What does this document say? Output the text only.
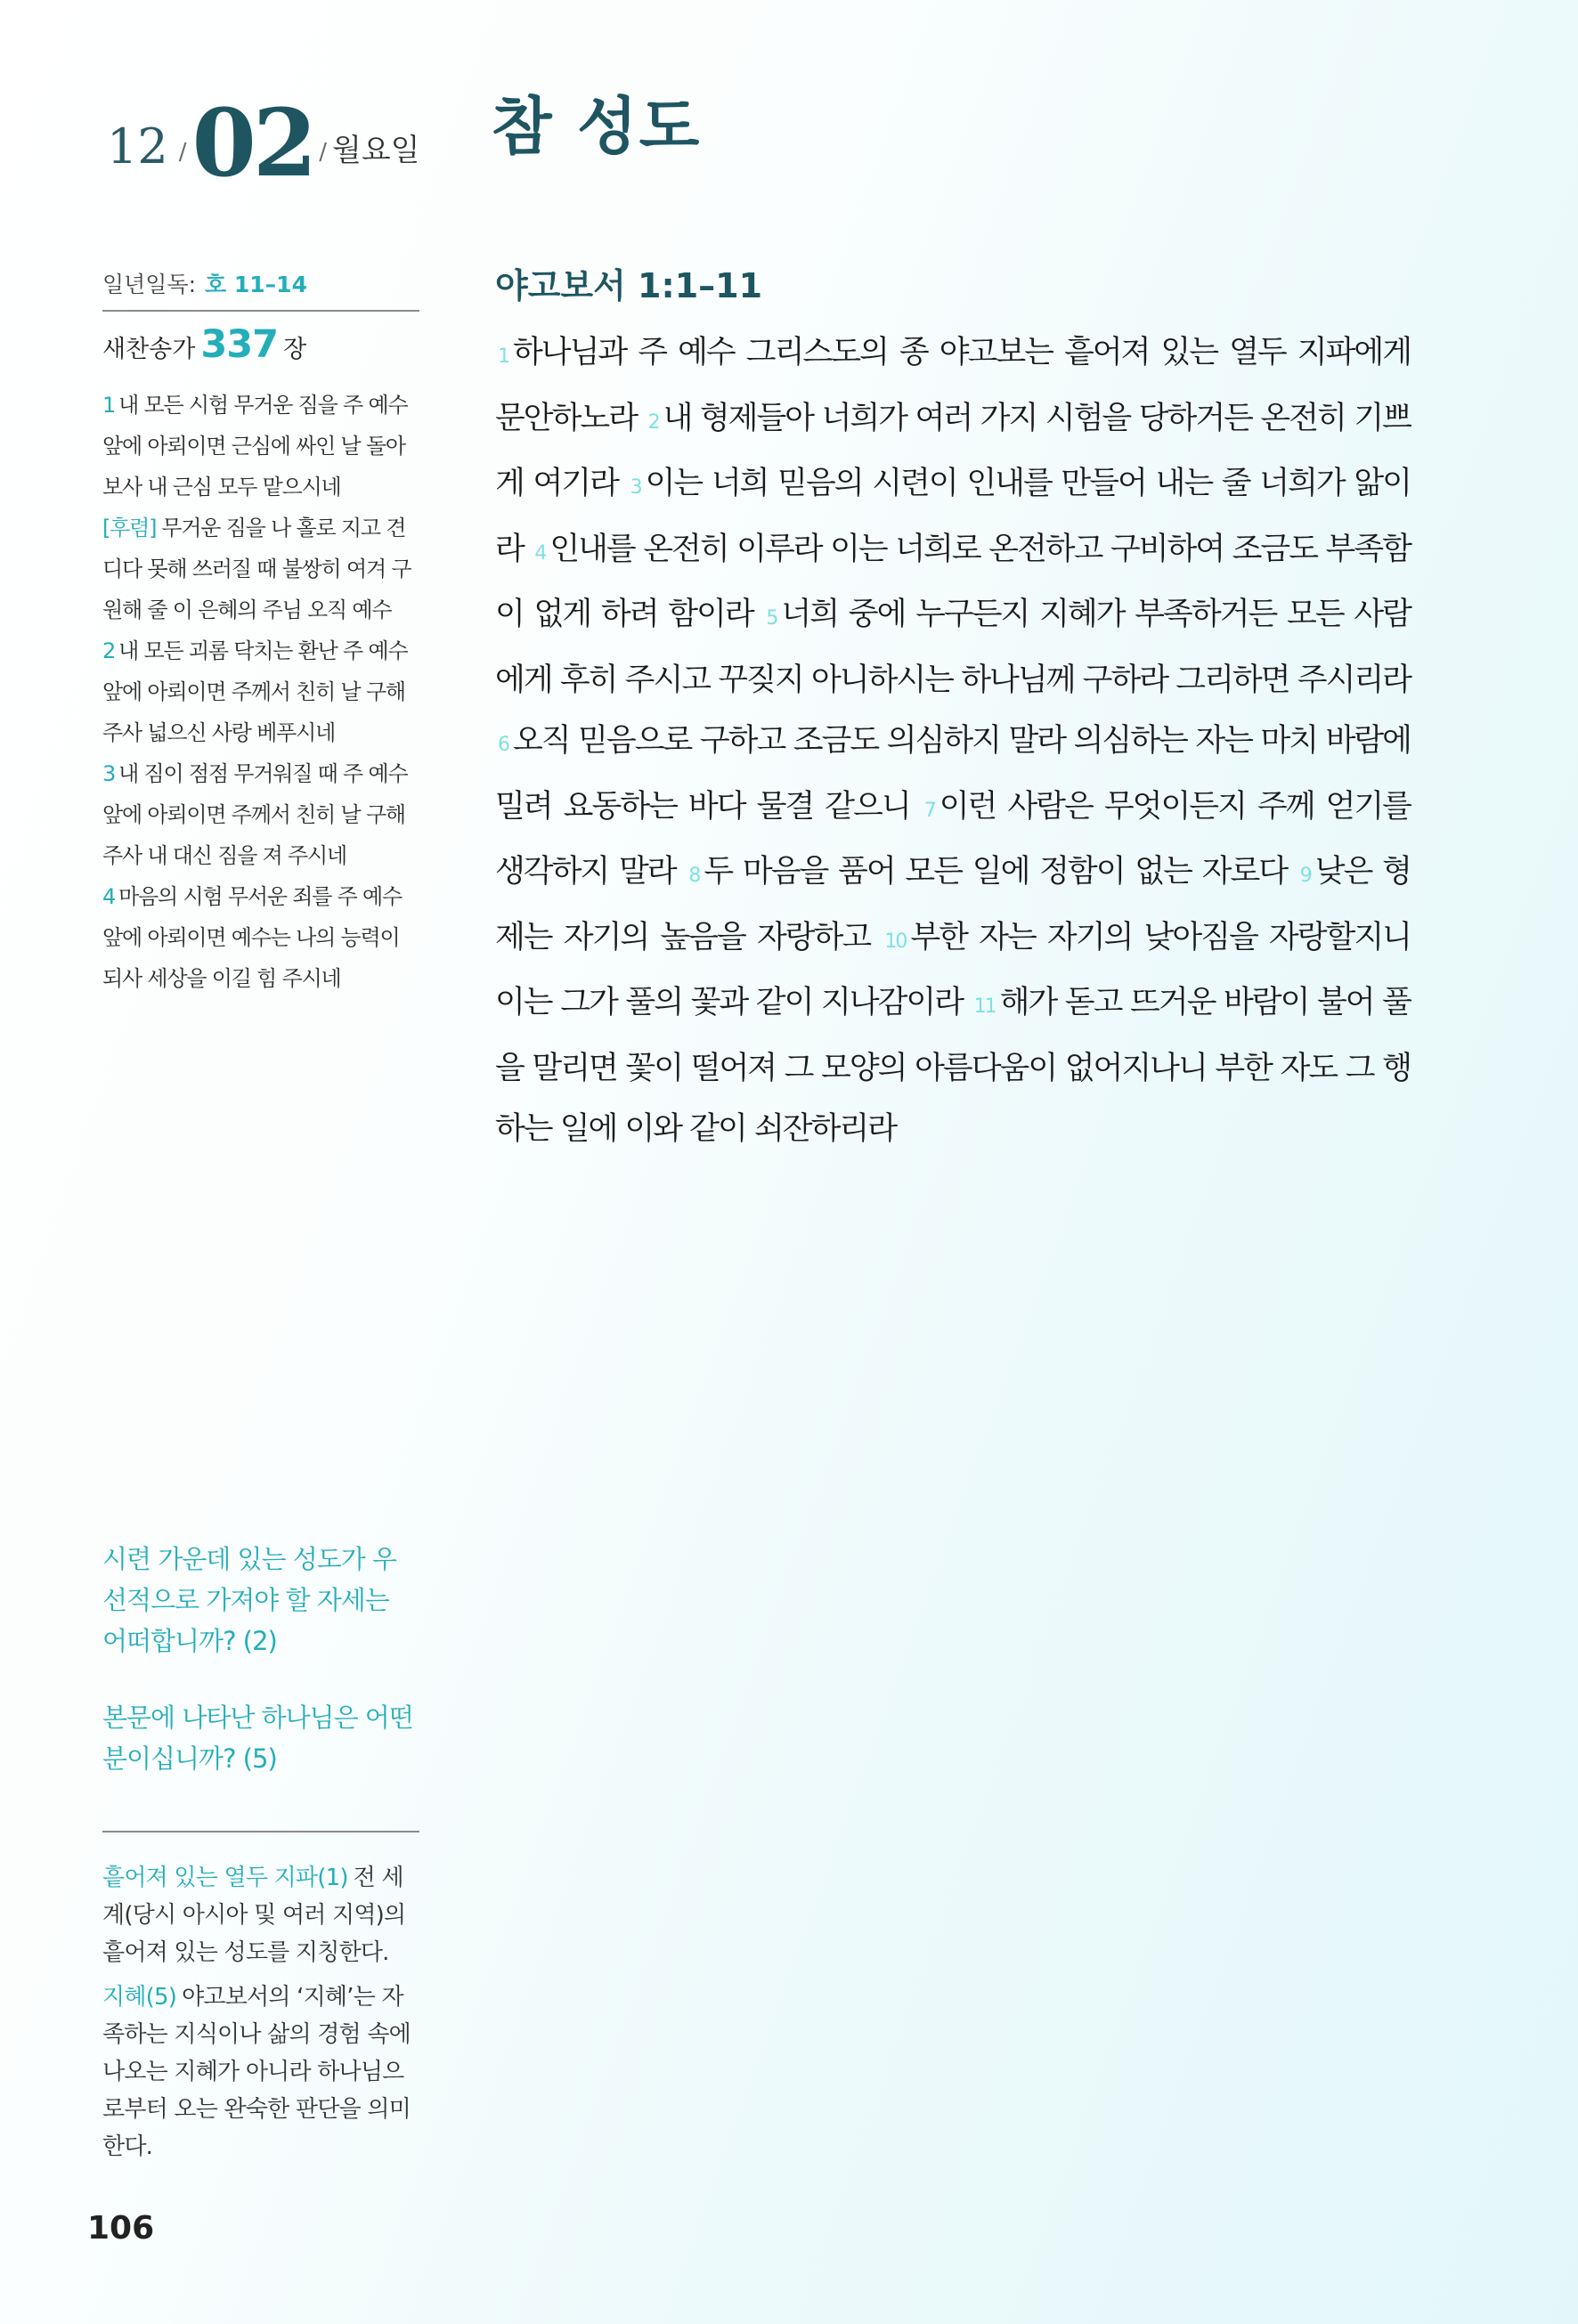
12 / 02 / 월요일 참 성도
일년일독: 호 11–14
새찬송가 337 장
1 내 모든 시험 무거운 짐을 주 예수 앞에 아뢰이면 근심에 싸인 날 돌아보사 내 근심 모두 맡으시네
[후렴] 무거운 짐을 나 홀로 지고 견디다 못해 쓰러질 때 불쌍히 여겨 구원해 줄 이 은혜의 주님 오직 예수
2 내 모든 괴롬 닥치는 환난 주 예수 앞에 아뢰이면 주께서 친히 날 구해 주사 넓으신 사랑 베푸시네
3 내 짐이 점점 무거워질 때 주 예수 앞에 아뢰이면 주께서 친히 날 구해 주사 내 대신 짐을 져 주시네
4 마음의 시험 무서운 죄를 주 예수 앞에 아뢰이면 예수는 나의 능력이 되사 세상을 이길 힘 주시네
시련 가운데 있는 성도가 우선적으로 가져야 할 자세는 어떠합니까? (2)
본문에 나타난 하나님은 어떤 분이십니까? (5)
흩어져 있는 열두 지파(1) 전 세계(당시 아시아 및 여러 지역)의 흩어져 있는 성도를 지칭한다.
지혜(5) 야고보서의 ‘지혜’는 자족하는 지식이나 삶의 경험 속에 나오는 지혜가 아니라 하나님으로부터 오는 완숙한 판단을 의미한다.
106
야고보서 1:1–11
1 하나님과 주 예수 그리스도의 종 야고보는 흩어져 있는 열두 지파에게 문안하노라 2 내 형제들아 너희가 여러 가지 시험을 당하거든 온전히 기쁘게 여기라 3 이는 너희 믿음의 시련이 인내를 만들어 내는 줄 너희가 앎이라 4 인내를 온전히 이루라 이는 너희로 온전하고 구비하여 조금도 부족함이 없게 하려 함이라 5 너희 중에 누구든지 지혜가 부족하거든 모든 사람에게 후히 주시고 꾸짖지 아니하시는 하나님께 구하라 그리하면 주시리라 6 오직 믿음으로 구하고 조금도 의심하지 말라 의심하는 자는 마치 바람에 밀려 요동하는 바다 물결 같으니 7 이런 사람은 무엇이든지 주께 얻기를 생각하지 말라 8 두 마음을 품어 모든 일에 정함이 없는 자로다 9 낮은 형제는 자기의 높음을 자랑하고 10 부한 자는 자기의 낮아짐을 자랑할지니 이는 그가 풀의 꽃과 같이 지나감이라 11 해가 돋고 뜨거운 바람이 불어 풀을 말리면 꽃이 떨어져 그 모양의 아름다움이 없어지나니 부한 자도 그 행하는 일에 이와 같이 쇠잔하리라
